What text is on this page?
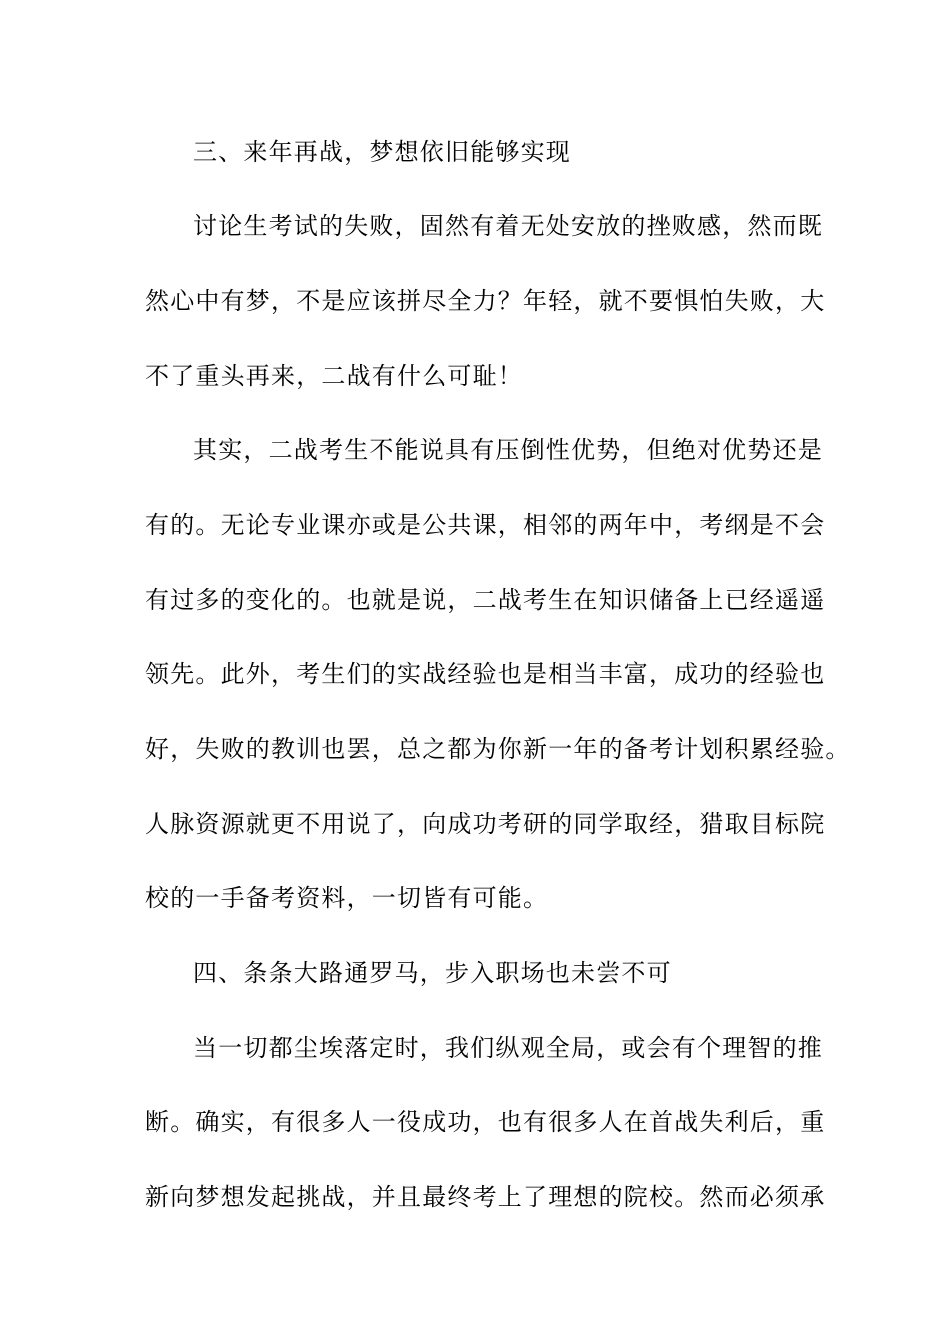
三、来年再战，梦想依旧能够实现
讨论生考试的失败，固然有着无处安放的挫败感，然而既
然心中有梦，不是应该拼尽全力？年轻，就不要惧怕失败，大
不了重头再来，二战有什么可耻！
其实，二战考生不能说具有压倒性优势，但绝对优势还是
有的。无论专业课亦或是公共课，相邻的两年中，考纲是不会
有过多的变化的。也就是说，二战考生在知识储备上已经遥遥
领先。此外，考生们的实战经验也是相当丰富，成功的经验也
好，失败的教训也罢，总之都为你新一年的备考计划积累经验。
人脉资源就更不用说了，向成功考研的同学取经，猎取目标院
校的一手备考资料，一切皆有可能。
四、条条大路通罗马，步入职场也未尝不可
当一切都尘埃落定时，我们纵观全局，或会有个理智的推
断。确实，有很多人一役成功，也有很多人在首战失利后，重
新向梦想发起挑战，并且最终考上了理想的院校。然而必须承
